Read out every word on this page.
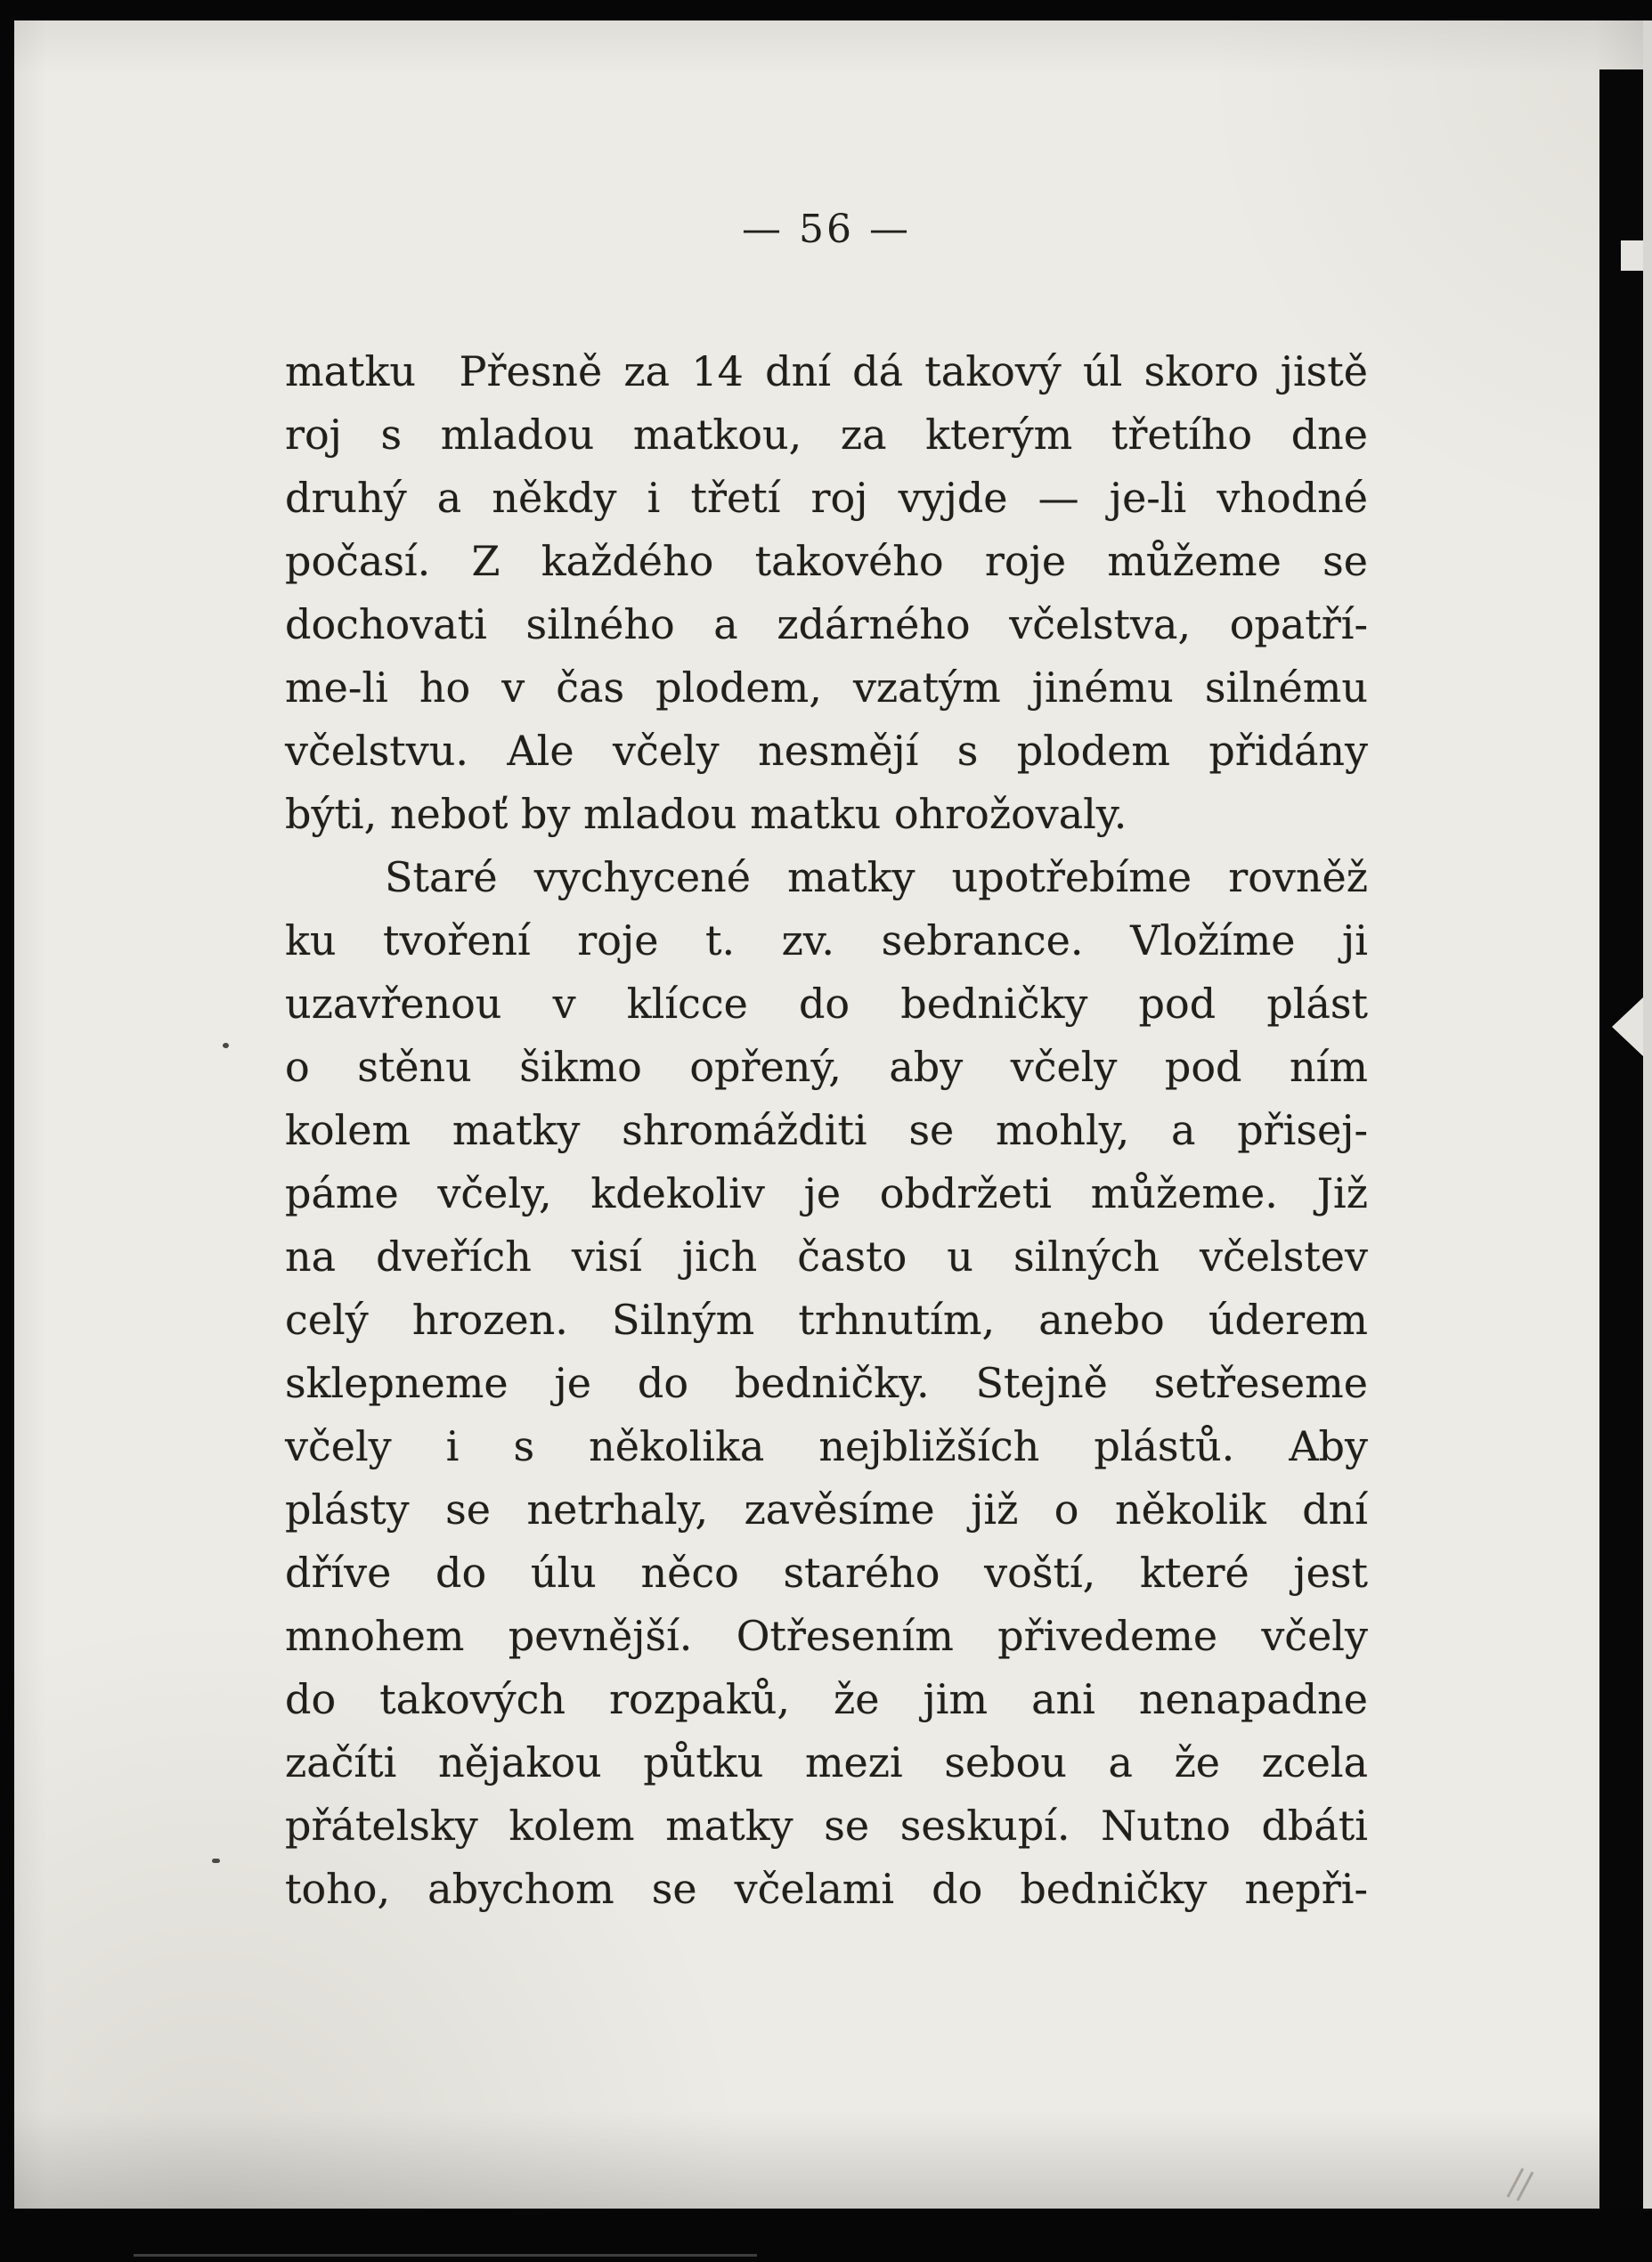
— 56 —
matku  Přesně za 14 dní dá takový úl skoro jistě
roj s mladou matkou, za kterým třetího dne
druhý a někdy i třetí roj vyjde — je-li vhodné
počasí. Z každého takového roje můžeme se
dochovati silného a zdárného včelstva, opatří-
me-li ho v čas plodem, vzatým jinému silnému
včelstvu. Ale včely nesmějí s plodem přidány
býti, neboť by mladou matku ohrožovaly.
Staré vychycené matky upotřebíme rovněž
ku tvoření roje t. zv. sebrance. Vložíme ji
uzavřenou v klícce do bedničky pod plást
o stěnu šikmo opřený, aby včely pod ním
kolem matky shromážditi se mohly, a přisej-
páme včely, kdekoliv je obdržeti můžeme. Již
na dveřích visí jich často u silných včelstev
celý hrozen. Silným trhnutím, anebo úderem
sklepneme je do bedničky. Stejně setřeseme
včely i s několika nejbližších plástů. Aby
plásty se netrhaly, zavěsíme již o několik dní
dříve do úlu něco starého voští, které jest
mnohem pevnější. Otřesením přivedeme včely
do takových rozpaků, že jim ani nenapadne
začíti nějakou půtku mezi sebou a že zcela
přátelsky kolem matky se seskupí. Nutno dbáti
toho, abychom se včelami do bedničky nepři-
